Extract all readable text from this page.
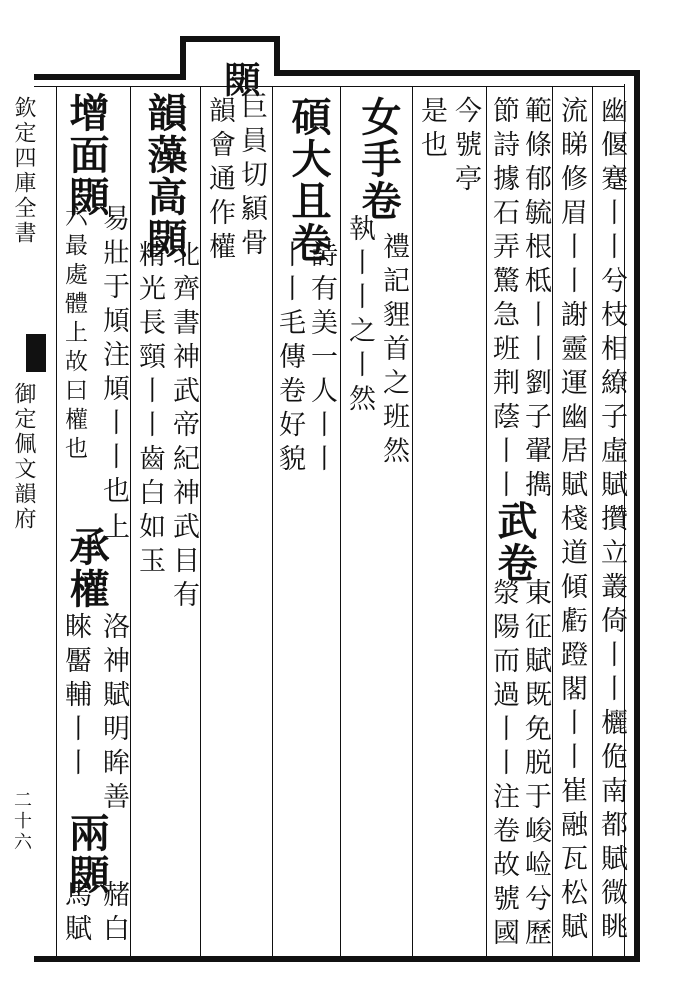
䫗
欽定四庫全書
御定佩文韻府
二十六	幽偃蹇丨丨兮枝相繚子虛賦攢立叢倚丨丨欐佹南都賦微眺
流睇修眉丨丨謝靈運幽居賦棧道傾虧蹬閣丨丨崔融瓦松賦
範條郁毓根柢丨丨劉子翬擕
武卷
東征賦既免脱于峻崄兮歷
節詩據石弄驚急班荆蔭丨丨
滎陽而過丨丨注卷故號國
今號亭
是也
女手卷
禮記貍首之班然
執丨丨之丨然
碩大且卷
詩有美一人丨丨
丨丨毛傳卷好貌
巨員切顈骨
韻會通作權
韻藻高䫗
北齊書神武帝紀神武目有
精光長頸丨丨齒白如玉
增面䫗
易壯于頄注頄丨丨也
上
承權
洛神賦明眸善
兩䫗
赭白
六最處體上故曰權也
睞靨輔丨丨
馬賦
